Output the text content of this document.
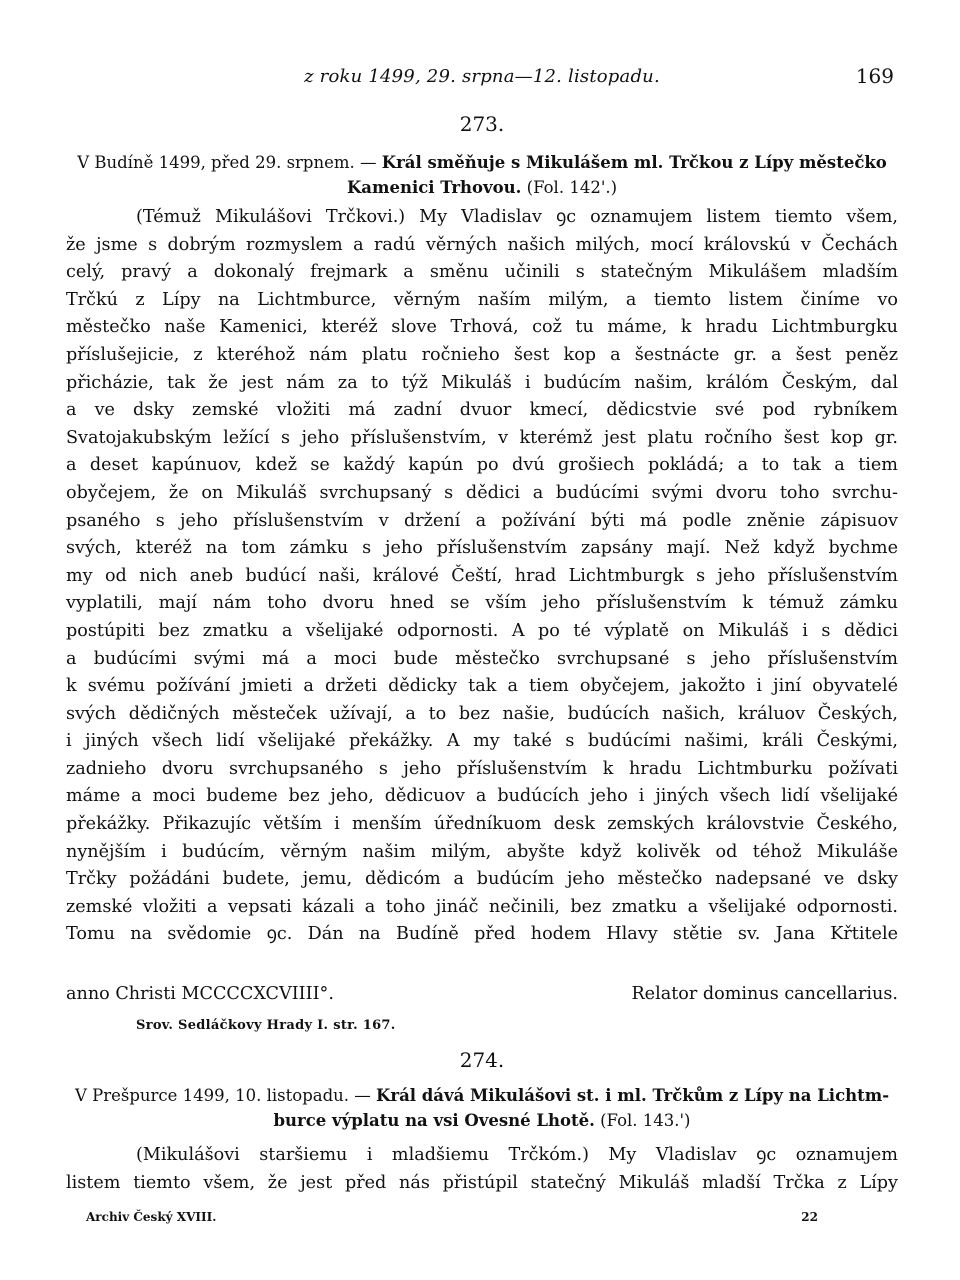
z roku 1499, 29. srpna—12. listopadu.	169
273.
V Budíně 1499, před 29. srpnem. — Král směňuje s Mikulášem ml. Trčkou z Lípy městečko
Kamenici Trhovou. (Fol. 142'.)
(Témuž Mikulášovi Trčkovi.) My Vladislav ꝯc oznamujem listem tiemto všem,
že jsme s dobrým rozmyslem a radú věrných našich milých, mocí královskú v Čechách
celý, pravý a dokonalý frejmark a směnu učinili s statečným Mikulášem mladším
Trčkú z Lípy na Lichtmburce, věrným naším milým, a tiemto listem činíme vo
městečko naše Kamenici, kteréž slove Trhová, což tu máme, k hradu Lichtmburgku
příslušejicie, z kteréhož nám platu ročnieho šest kop a šestnácte gr. a šest peněz
přicházie, tak že jest nám za to týž Mikuláš i budúcím našim, králóm Českým, dal
a ve dsky zemské vložiti má zadní dvuor kmecí, dědicstvie své pod rybníkem
Svatojakubským ležící s jeho příslušenstvím, v kterémž jest platu ročního šest kop gr.
a deset kapúnuov, kdež se každý kapún po dvú grošiech pokládá; a to tak a tiem
obyčejem, že on Mikuláš svrchupsaný s dědici a budúcími svými dvoru toho svrchu-
psaného s jeho příslušenstvím v držení a požívání býti má podle zněnie zápisuov
svých, kteréž na tom zámku s jeho příslušenstvím zapsány mají. Než když bychme
my od nich aneb budúcí naši, králové Čeští, hrad Lichtmburgk s jeho příslušenstvím
vyplatili, mají nám toho dvoru hned se vším jeho příslušenstvím k témuž zámku
postúpiti bez zmatku a všelijaké odpornosti. A po té výplatě on Mikuláš i s dědici
a budúcími svými má a moci bude městečko svrchupsané s jeho příslušenstvím
k svému požívání jmieti a držeti dědicky tak a tiem obyčejem, jakožto i jiní obyvatelé
svých dědičných městeček užívají, a to bez našie, budúcích našich, králuov Českých,
i jiných všech lidí všelijaké překážky. A my také s budúcími našimi, králi Českými,
zadnieho dvoru svrchupsaného s jeho příslušenstvím k hradu Lichtmburku požívati
máme a moci budeme bez jeho, dědicuov a budúcích jeho i jiných všech lidí všelijaké
překážky. Přikazujíc větším i menším úředníkuom desk zemských královstvie Českého,
nynějším i budúcím, věrným našim milým, abyšte když kolivěk od téhož Mikuláše
Trčky požádáni budete, jemu, dědicóm a budúcím jeho městečko nadepsané ve dsky
zemské vložiti a vepsati kázali a toho jináč nečinili, bez zmatku a všelijaké odpornosti.
Tomu na svědomie ꝯc. Dán na Budíně před hodem Hlavy stětie sv. Jana Křtitele
anno Christi MCCCCXCVIIII°.	Relator dominus cancellarius.
Srov. Sedláčkovy Hrady I. str. 167.
274.
V Prešpurce 1499, 10. listopadu. — Král dává Mikulášovi st. i ml. Trčkům z Lípy na Lichtm-
burce výplatu na vsi Ovesné Lhotě. (Fol. 143.')
(Mikulášovi staršiemu i mladšiemu Trčkóm.) My Vladislav ꝯc oznamujem
listem tiemto všem, že jest před nás přistúpil statečný Mikuláš mladší Trčka z Lípy
Archiv Český XVIII.	22
